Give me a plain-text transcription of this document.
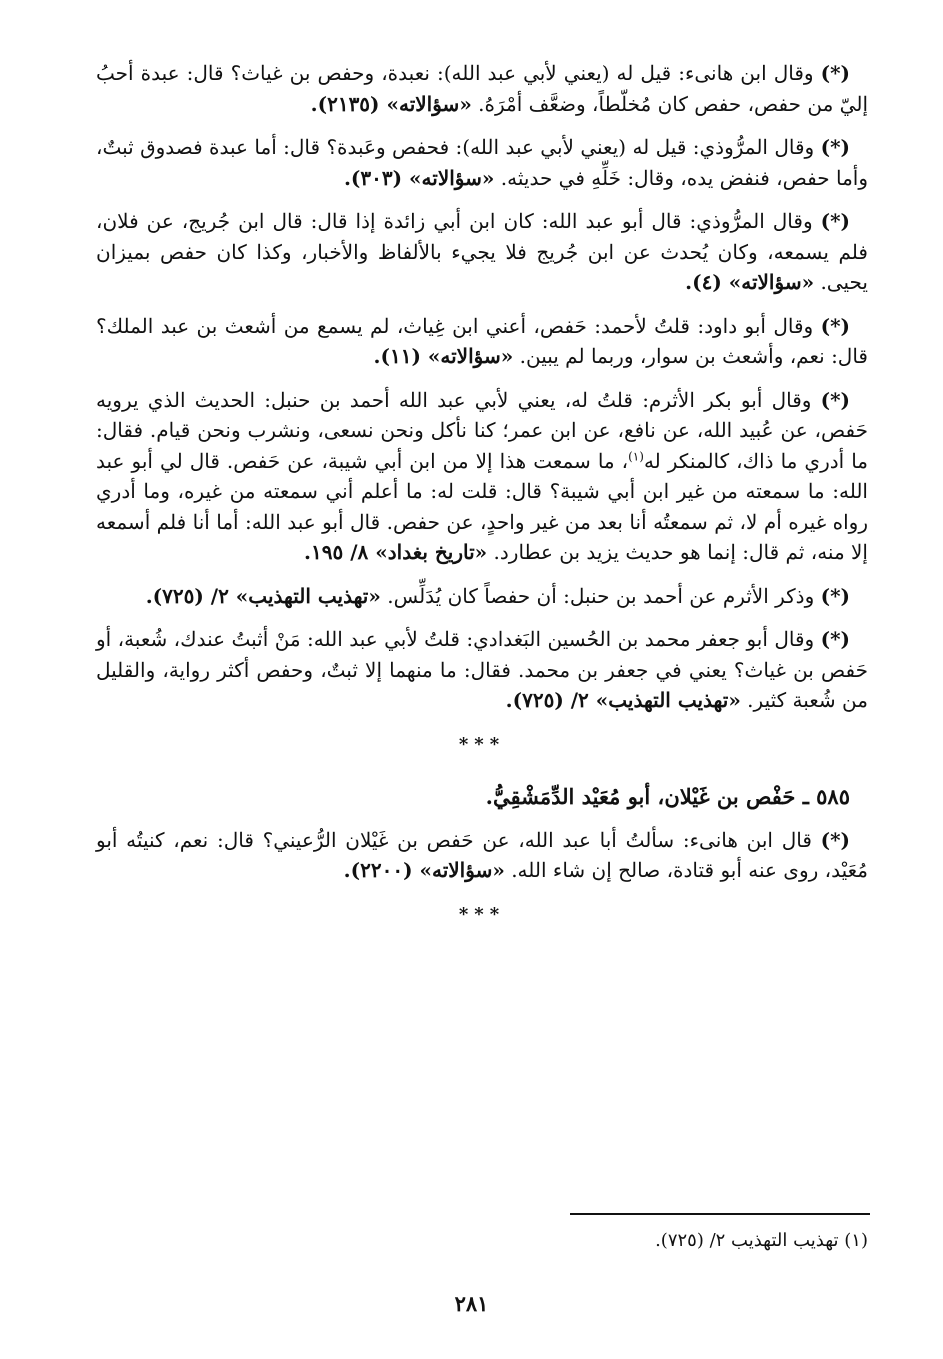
(*) وقال ابن هانىء: قيل له (يعني لأبي عبد الله): نعبدة، وحفص بن غياث؟ قال: عبدة أحبُ إليّ من حفص، حفص كان مُخلّطاً، وضعَّف أمْرَهُ. «سؤالاته» (٢١٣٥).

(*) وقال المرُّوذي: قيل له (يعني لأبي عبد الله): فحفص وعَبدة؟ قال: أما عبدة فصدوق ثبتٌ، وأما حفص، فنفض يده، وقال: خَلِّهِ في حديثه. «سؤالاته» (٣٠٣).

(*) وقال المرُّوذي: قال أبو عبد الله: كان ابن أبي زائدة إذا قال: قال ابن جُريج، عن فلان، فلم يسمعه، وكان يُحدث عن ابن جُريج فلا يجيء بالألفاظ والأخبار، وكذا كان حفص بميزان يحيى. «سؤالاته» (٤).

(*) وقال أبو داود: قلتُ لأحمد: حَفص، أعني ابن غِياث، لم يسمع من أشعث بن عبد الملك؟ قال: نعم، وأشعث بن سوار، وربما لم يبين. «سؤالاته» (١١).

(*) وقال أبو بكر الأثرم: قلتُ له، يعني لأبي عبد الله أحمد بن حنبل: الحديث الذي يرويه حَفص، عن عُبيد الله، عن نافع، عن ابن عمر؛ كنا نأكل ونحن نسعى، ونشرب ونحن قيام. فقال: ما أدري ما ذاك، كالمنكر له$^{(١)}$، ما سمعت هذا إلا من ابن أبي شيبة، عن حَفص. قال لي أبو عبد الله: ما سمعته من غير ابن أبي شيبة؟ قال: قلت له: ما أعلم أني سمعته من غيره، وما أدري رواه غيره أم لا، ثم سمعتُه أنا بعد من غير واحدٍ، عن حفص. قال أبو عبد الله: أما أنا فلم أسمعه إلا منه، ثم قال: إنما هو حديث يزيد بن عطارد. «تاريخ بغداد» ٨/ ١٩٥.

(*) وذكر الأثرم عن أحمد بن حنبل: أن حفصاً كان يُدَلِّس. «تهذيب التهذيب» ٢/ (٧٢٥).

(*) وقال أبو جعفر محمد بن الحُسين البَغدادي: قلتُ لأبي عبد الله: مَنْ أثبتُ عندك، شُعبة، أو حَفص بن غياث؟ يعني في جعفر بن محمد. فقال: ما منهما إلا ثبتٌ، وحفص أكثر رواية، والقليل من شُعبة كثير. «تهذيب التهذيب» ٢/ (٧٢٥).

***

٥٨٥ ـ حَفْص بن غَيْلان، أبو مُعَيْد الدِّمَشْقِيُّ.

(*) قال ابن هانىء: سألتُ أبا عبد الله، عن حَفص بن غَيْلان الرُّعيني؟ قال: نعم، كنيتُه أبو مُعَيْد، روى عنه أبو قتادة، صالح إن شاء الله. «سؤالاته» (٢٢٠٠).

***
(١) تهذيب التهذيب ٢/ (٧٢٥).
٢٨١
